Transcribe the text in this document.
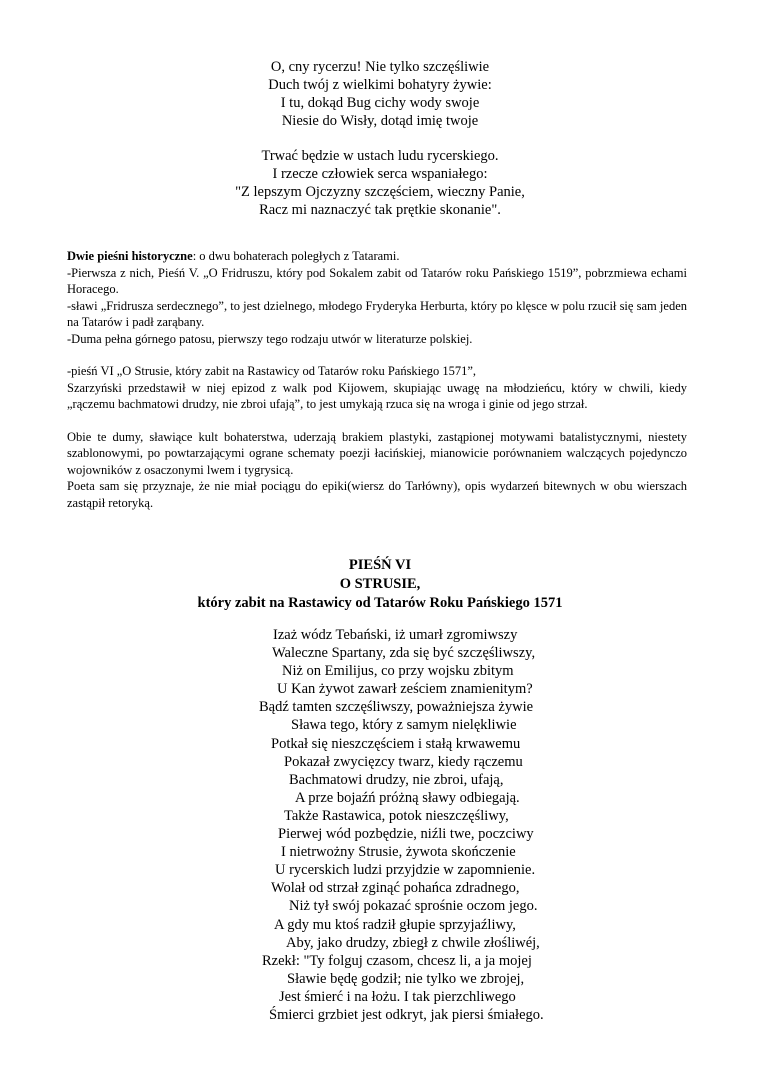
O, cny rycerzu! Nie tylko szczęśliwie
Duch twój z wielkimi bohatyry żywie:
I tu, dokąd Bug cichy wody swoje
Niesie do Wisły, dotąd imię twoje
Trwać będzie w ustach ludu rycerskiego.
I rzecze człowiek serca wspaniałego:
"Z lepszym Ojczyzny szczęściem, wieczny Panie,
Racz mi naznaczyć tak prętkie skonanie".

Dwie pieśni historyczne: o dwu bohaterach poległych z Tatarami.

-Pierwsza z nich, Pieśń V. „O Fridruszu, który pod Sokalem zabit od Tatarów roku Pańskiego 1519”, pobrzmiewa echami Horacego.

-sławi „Fridrusza serdecznego”, to jest dzielnego, młodego Fryderyka Herburta, który po klęsce w polu rzucił się sam jeden na Tatarów i padł zarąbany.

-Duma pełna górnego patosu, pierwszy tego rodzaju utwór w literaturze polskiej.

-pieśń VI „O Strusie, który zabit na Rastawicy od Tatarów roku Pańskiego 1571”,

Szarzyński przedstawił w niej epizod z walk pod Kijowem, skupiając uwagę na młodzieńcu, który w chwili, kiedy „rączemu bachmatowi drudzy, nie zbroi ufają”, to jest umykają rzuca się na wroga i ginie od jego strzał.

Obie te dumy, sławiące kult bohaterstwa, uderzają brakiem plastyki, zastąpionej motywami batalistycznymi, niestety szablonowymi, po powtarzającymi ograne schematy poezji łacińskiej, mianowicie porównaniem walczących pojedynczo wojowników z osaczonymi lwem i tygrysicą.

Poeta sam się przyznaje, że nie miał pociągu do epiki(wiersz do Tarłówny), opis wydarzeń bitewnych w obu wierszach zastąpił retoryką.

PIEŚŃ VI
O STRUSIE,
który zabit na Rastawicy od Tatarów Roku Pańskiego 1571
Izaż wódz Tebański, iż umarł zgromiwszy
Waleczne Spartany, zda się być szczęśliwszy,
Niż on Emilijus, co przy wojsku zbitym
U Kan żywot zawarł ześciem znamienitym?
Bądź tamten szczęśliwszy, poważniejsza żywie
Sława tego, który z samym nielękliwie
Potkał się nieszczęściem i stałą krwawemu
Pokazał zwycięzcy twarz, kiedy rączemu
Bachmatowi drudzy, nie zbroi, ufają,
A prze bojaźń próżną sławy odbiegają.
Także Rastawica, potok nieszczęśliwy,
Pierwej wód pozbędzie, niźli twe, poczciwy
I nietrwożny Strusie, żywota skończenie
U rycerskich ludzi przyjdzie w zapomnienie.
Wolał od strzał zginąć pohańca zdradnego,
Niż tył swój pokazać sprośnie oczom jego.
A gdy mu ktoś radził głupie sprzyjaźliwy,
Aby, jako drudzy, zbiegł z chwile złośliwéj,
Rzekł: "Ty folguj czasom, chcesz li, a ja mojej
Sławie będę godził; nie tylko we zbrojej,
Jest śmierć i na łożu. I tak pierzchliwego
Śmierci grzbiet jest odkryt, jak piersi śmiałego.
